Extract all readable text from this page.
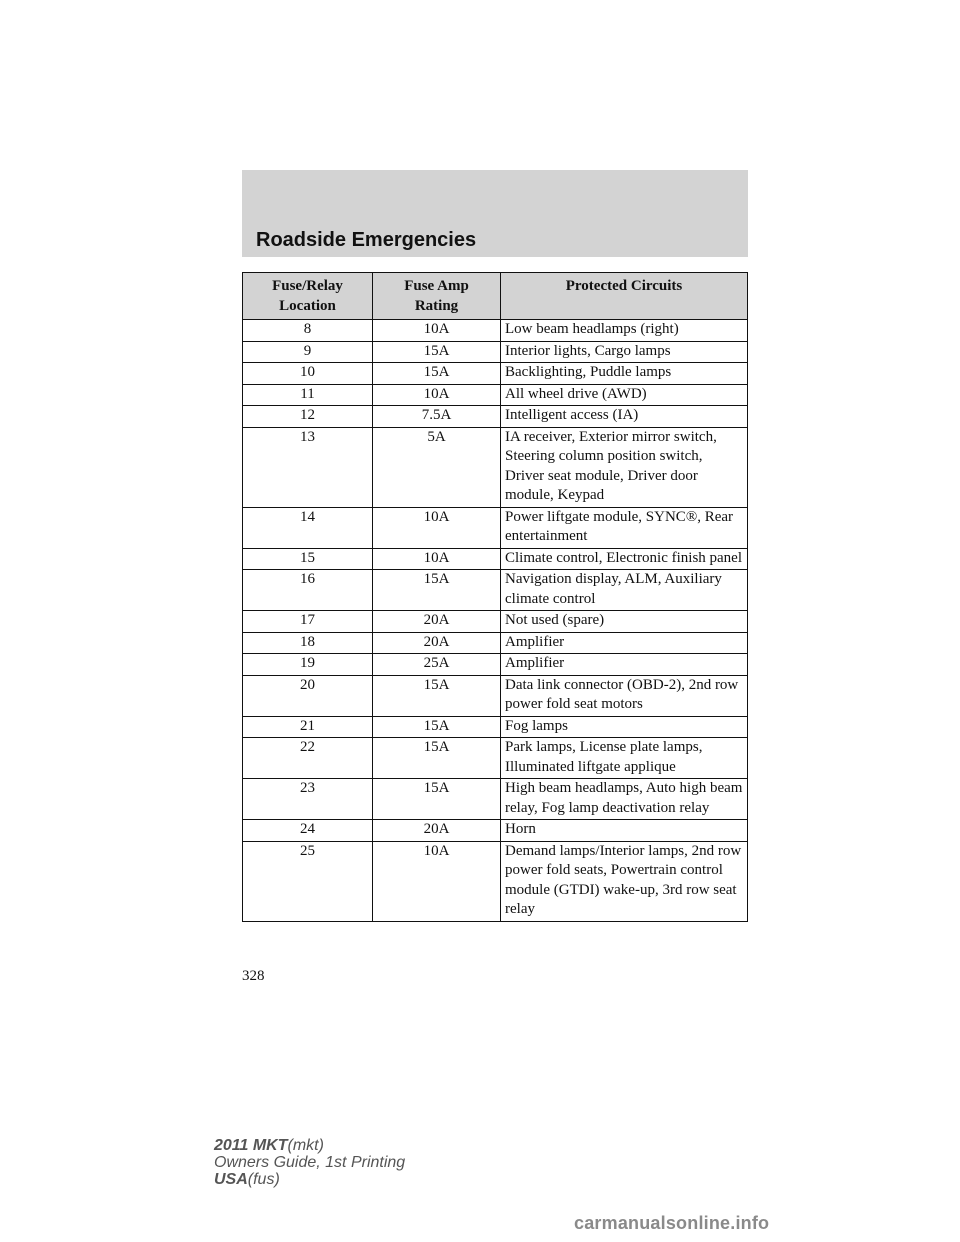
Roadside Emergencies
Fuse/Relay Location	Fuse Amp Rating	Protected Circuits
8	10A	Low beam headlamps (right)
9	15A	Interior lights, Cargo lamps
10	15A	Backlighting, Puddle lamps
11	10A	All wheel drive (AWD)
12	7.5A	Intelligent access (IA)
13	5A	IA receiver, Exterior mirror switch, Steering column position switch, Driver seat module, Driver door module, Keypad
14	10A	Power liftgate module, SYNC®, Rear entertainment
15	10A	Climate control, Electronic finish panel
16	15A	Navigation display, ALM, Auxiliary climate control
17	20A	Not used (spare)
18	20A	Amplifier
19	25A	Amplifier
20	15A	Data link connector (OBD-2), 2nd row power fold seat motors
21	15A	Fog lamps
22	15A	Park lamps, License plate lamps, Illuminated liftgate applique
23	15A	High beam headlamps, Auto high beam relay, Fog lamp deactivation relay
24	20A	Horn
25	10A	Demand lamps/Interior lamps, 2nd row power fold seats, Powertrain control module (GTDI) wake-up, 3rd row seat relay
328
2011 MKT(mkt)
Owners Guide, 1st Printing
USA(fus)
carmanualsonline.info
